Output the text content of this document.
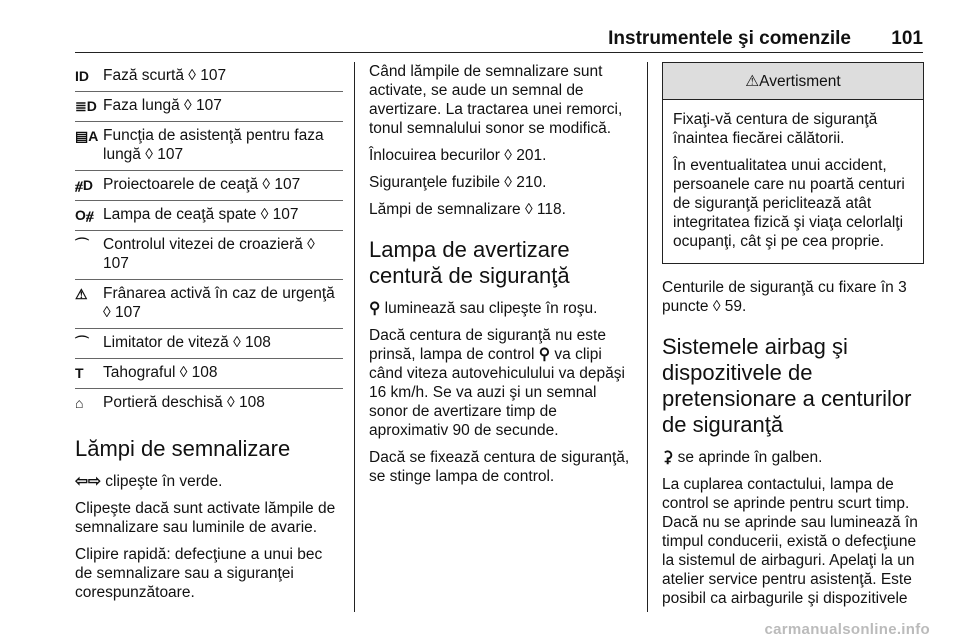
Instrumentele şi comenzile 101
ID Fază scurtă ◊ 107
≣D Faza lungă ◊ 107
▤A Funcţia de asistenţă pentru faza lungă ◊ 107
⧣D Proiectoarele de ceaţă ◊ 107
O⧣ Lampa de ceaţă spate ◊ 107
⌒ Controlul vitezei de croazieră ◊ 107
⚠ Frânarea activă în caz de urgenţă ◊ 107
⌒ Limitator de viteză ◊ 108
T	Tahograful ◊ 108
⌂	Portieră deschisă ◊ 108
Lămpi de semnalizare

⇦⇨ clipeşte în verde.

Clipeşte dacă sunt activate lămpile de semnalizare sau luminile de avarie.

Clipire rapidă: defecţiune a unui bec de semnalizare sau a siguranţei corespunzătoare.

Când lămpile de semnalizare sunt activate, se aude un semnal de avertizare. La tractarea unei remorci, tonul semnalului sonor se modifică.

Înlocuirea becurilor ◊ 201.

Siguranţele fuzibile ◊ 210.

Lămpi de semnalizare ◊ 118.

Lampa de avertizare centură de siguranţă

⚲ luminează sau clipeşte în roşu.

Dacă centura de siguranţă nu este prinsă, lampa de control ⚲ va clipi când viteza autovehiculului va depăşi 16 km/h. Se va auzi şi un semnal sonor de avertizare timp de aproximativ 90 de secunde.

Dacă se fixează centura de siguranţă, se stinge lampa de control.

⚠Avertisment

Fixaţi-vă centura de siguranţă înaintea fiecărei călătorii.

În eventualitatea unui accident, persoanele care nu poartă centuri de siguranţă periclitează atât integritatea fizică şi viaţa celorlalţi ocupanţi, cât şi pe cea proprie.

Centurile de siguranţă cu fixare în 3 puncte ◊ 59.

Sistemele airbag şi dispozitivele de pretensionare a centurilor de siguranţă

⚳ se aprinde în galben.

La cuplarea contactului, lampa de control se aprinde pentru scurt timp. Dacă nu se aprinde sau luminează în timpul conducerii, există o defecţiune la sistemul de airbaguri. Apelaţi la un atelier service pentru asistenţă. Este posibil ca airbagurile şi dispozitivele

carmanualsonline.info
